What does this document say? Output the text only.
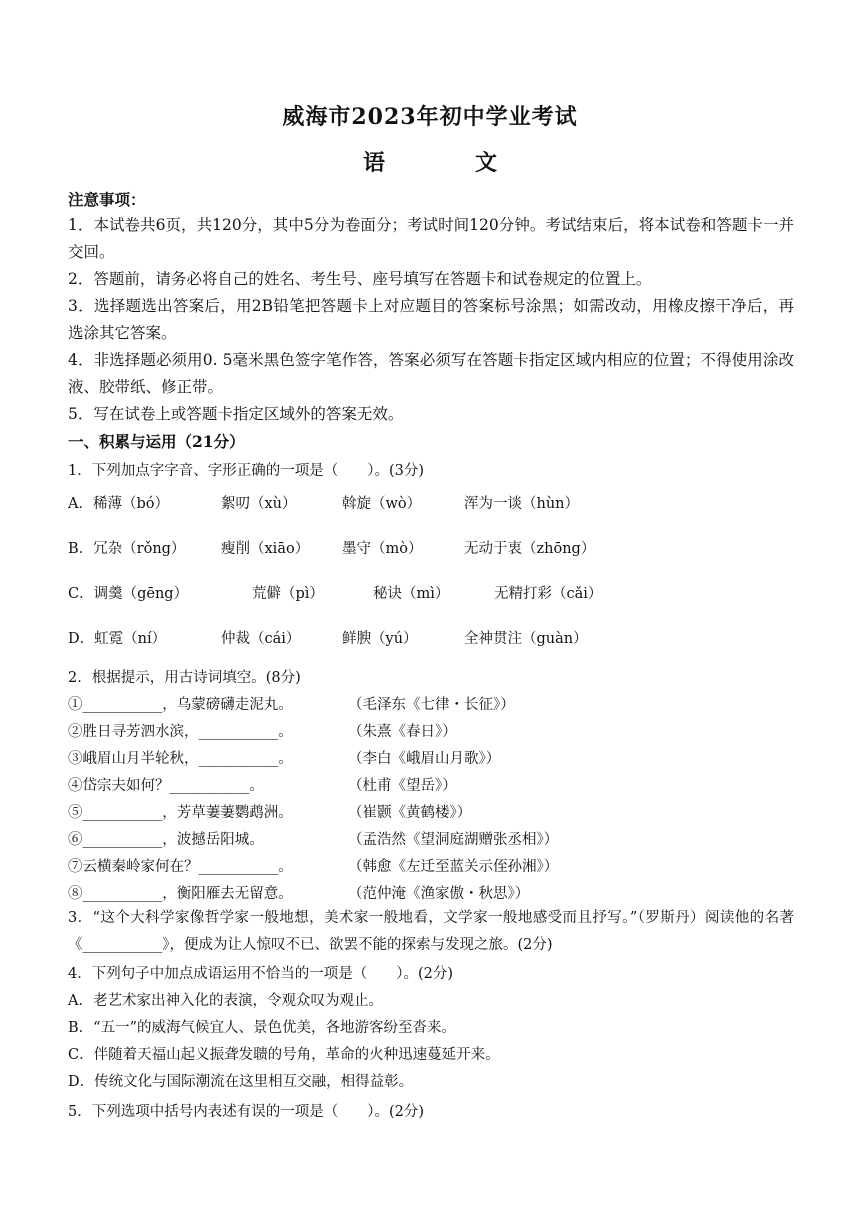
威海市2023年初中学业考试
语　文
注意事项：
1．本试卷共6页，共120分，其中5分为卷面分；考试时间120分钟。考试结束后，将本试卷和答题卡一并交回。
2．答题前，请务必将自己的姓名、考生号、座号填写在答题卡和试卷规定的位置上。
3．选择题选出答案后，用2B铅笔把答题卡上对应题目的答案标号涂黑；如需改动，用橡皮擦干净后，再选涂其它答案。
4．非选择题必须用0. 5毫米黑色签字笔作答，答案必须写在答题卡指定区域内相应的位置；不得使用涂改液、胶带纸、修正带。
5．写在试卷上或答题卡指定区域外的答案无效。
一、积累与运用（21分）
1．下列加点字字音、字形正确的一项是（　　）。(3分)
A．稀薄（bó）	絮叨（xù）	斡旋（wò）	浑为一谈（hùn）
B．冗杂（rǒng） 瘦削（xiāo） 墨守（mò）	无动于衷（zhōng）
C．调羹（gēng）	荒僻（pì）	秘诀（mì）	无精打彩（cǎi）
D．虹霓（ní）	仲裁（cái）	鲜腴（yú）	全神贯注（guàn）
2．根据提示，用古诗词填空。(8分)
①___________，乌蒙磅礴走泥丸。	（毛泽东《七律・长征》）
②胜日寻芳泗水滨，___________。	（朱熹《春日》）
③峨眉山月半轮秋，___________。	（李白《峨眉山月歌》）
④岱宗夫如何？___________。	（杜甫《望岳》）
⑤___________，芳草萋萋鹦鹉洲。	（崔颢《黄鹤楼》）
⑥___________，波撼岳阳城。	（孟浩然《望洞庭湖赠张丞相》）
⑦云横秦岭家何在？___________。	（韩愈《左迁至蓝关示侄孙湘》）
⑧___________，衡阳雁去无留意。	（范仲淹《渔家傲・秋思》）
3．“这个大科学家像哲学家一般地想，美术家一般地看，文学家一般地感受而且抒写。”（罗斯丹）阅读他的名著《___________》，便成为让人惊叹不已、欲罢不能的探索与发现之旅。(2分)
4．下列句子中加点成语运用不恰当的一项是（　　）。(2分)
A．老艺术家出神入化的表演，令观众叹为观止。
B．“五一”的威海气候宜人、景色优美，各地游客纷至沓来。
C．伴随着天福山起义振聋发聩的号角，革命的火种迅速蔓延开来。
D．传统文化与国际潮流在这里相互交融，相得益彰。
5．下列选项中括号内表述有误的一项是（　　）。(2分)
